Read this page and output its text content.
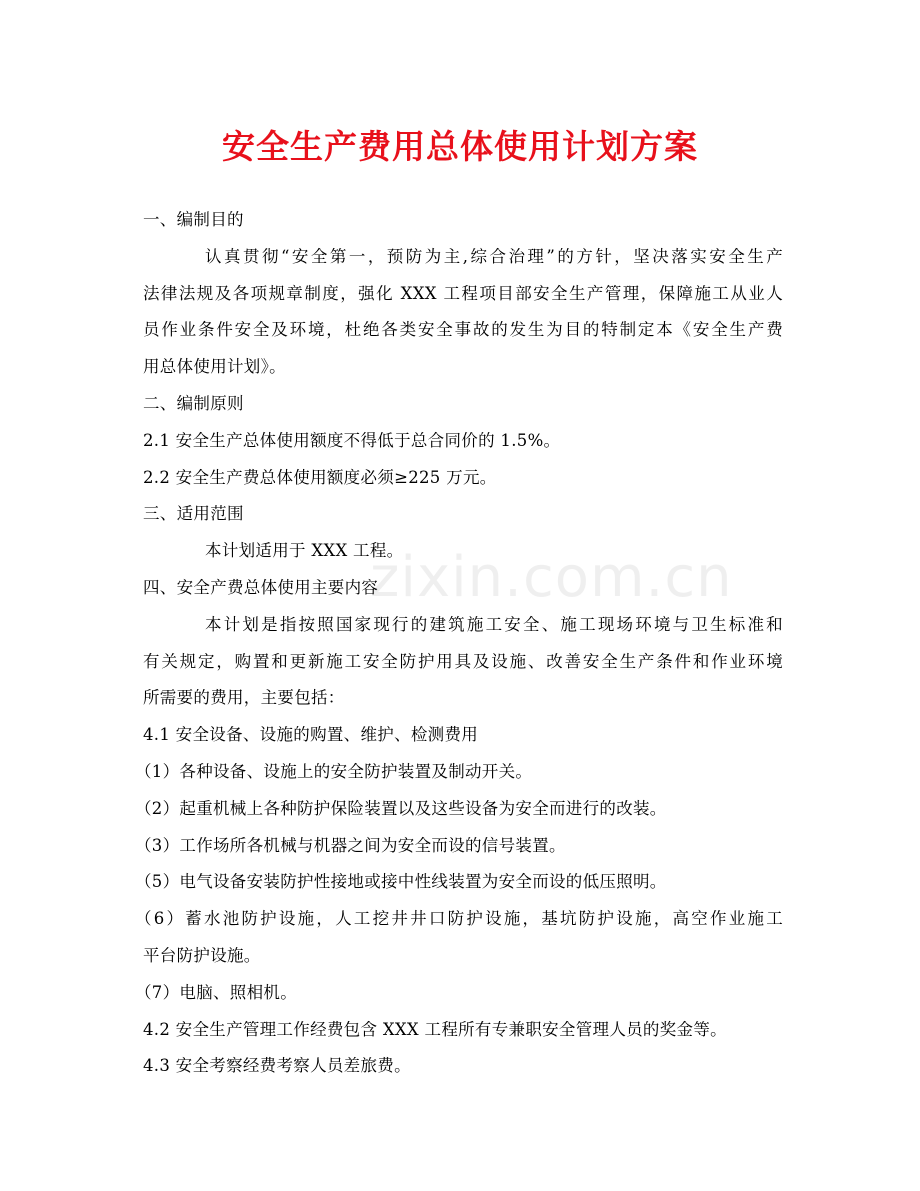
安全生产费用总体使用计划方案
一、编制目的
认真贯彻“安全第一，预防为主,综合治理”的方针，坚决落实安全生产
法律法规及各项规章制度，强化 XXX 工程项目部安全生产管理，保障施工从业人
员作业条件安全及环境，杜绝各类安全事故的发生为目的特制定本《安全生产费
用总体使用计划》。
二、编制原则
2.1 安全生产总体使用额度不得低于总合同价的 1.5%。
2.2 安全生产费总体使用额度必须≥225 万元。
三、适用范围
本计划适用于 XXX 工程。
四、安全产费总体使用主要内容
本计划是指按照国家现行的建筑施工安全、施工现场环境与卫生标准和
有关规定，购置和更新施工安全防护用具及设施、改善安全生产条件和作业环境
所需要的费用，主要包括：
4.1 安全设备、设施的购置、维护、检测费用
（1）各种设备、设施上的安全防护装置及制动开关。
（2）起重机械上各种防护保险装置以及这些设备为安全而进行的改装。
（3）工作场所各机械与机器之间为安全而设的信号装置。
（5）电气设备安装防护性接地或接中性线装置为安全而设的低压照明。
（6）蓄水池防护设施，人工挖井井口防护设施，基坑防护设施，高空作业施工
平台防护设施。
（7）电脑、照相机。
4.2 安全生产管理工作经费包含 XXX 工程所有专兼职安全管理人员的奖金等。
4.3 安全考察经费考察人员差旅费。
zixin.com.cn
